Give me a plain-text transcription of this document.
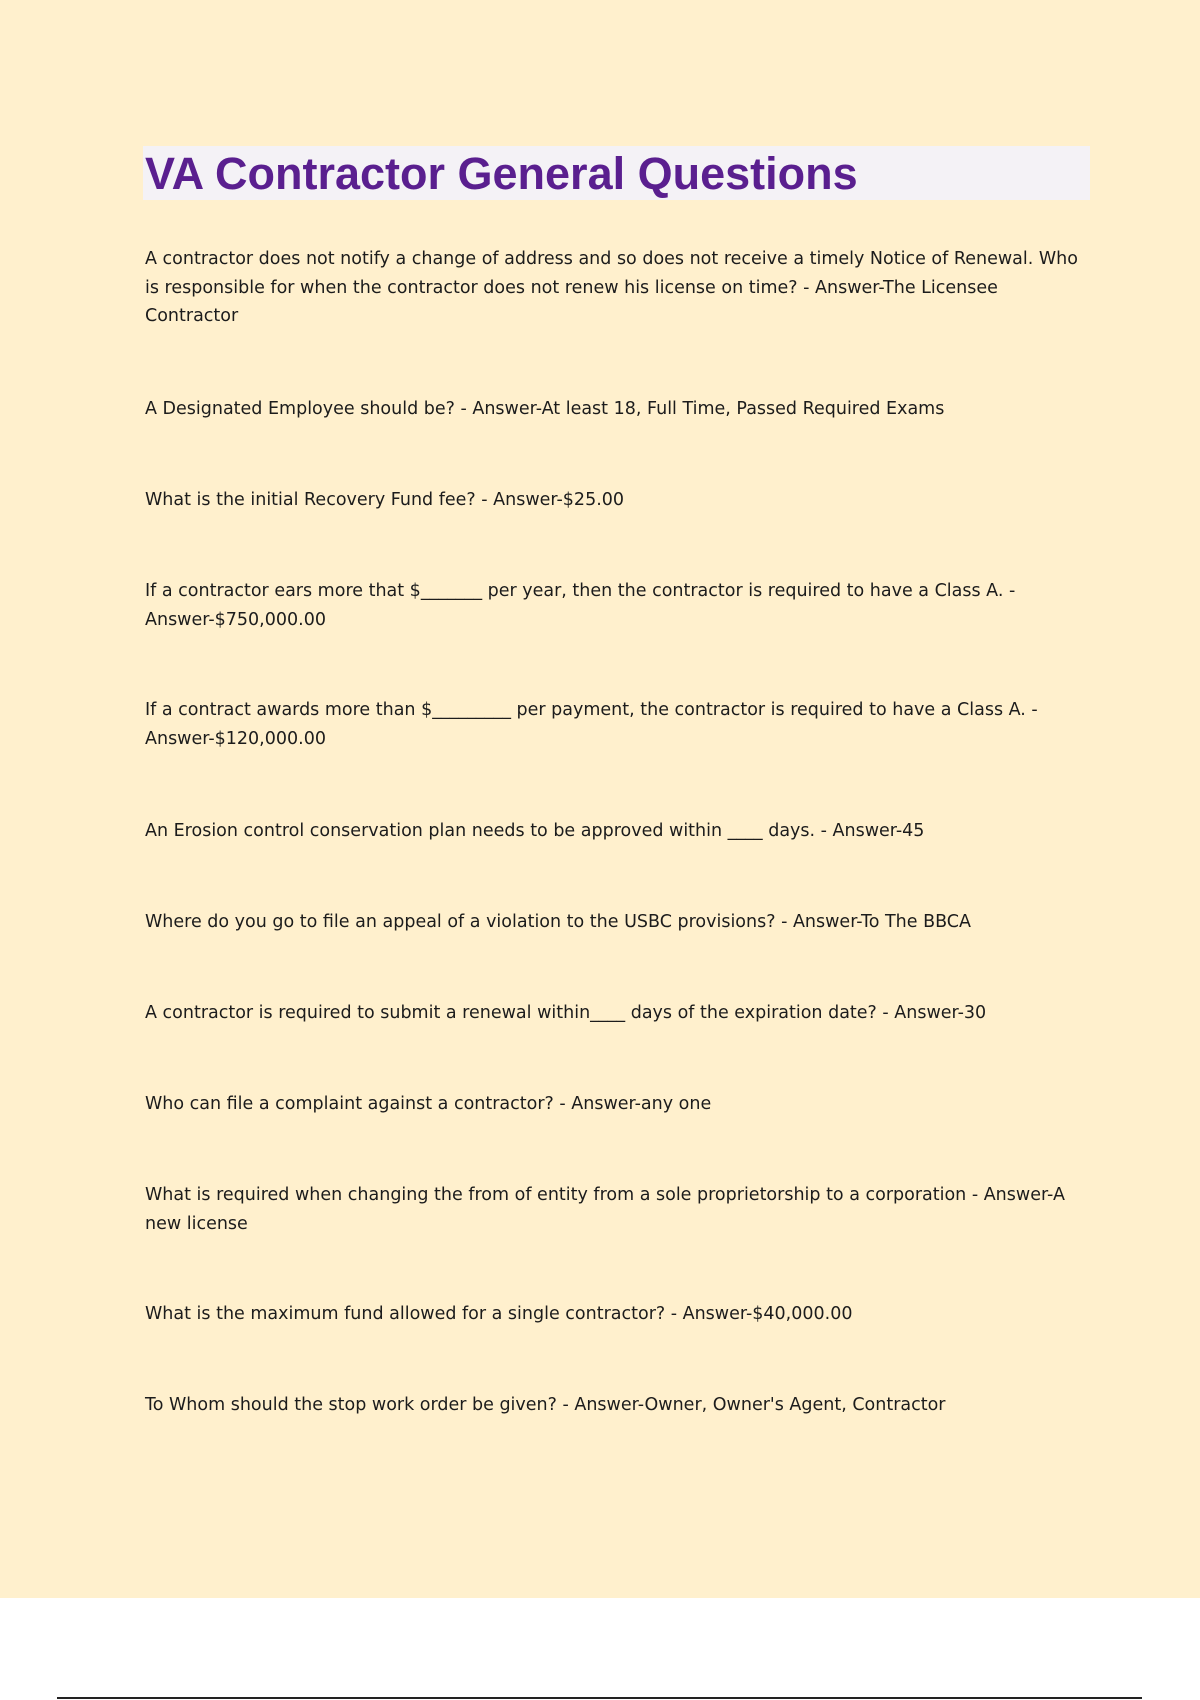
VA Contractor General Questions

A contractor does not notify a change of address and so does not receive a timely Notice of Renewal. Who is responsible for when the contractor does not renew his license on time? - Answer-The Licensee Contractor

A Designated Employee should be? - Answer-At least 18, Full Time, Passed Required Exams

What is the initial Recovery Fund fee? - Answer-$25.00

If a contractor ears more that $_______ per year, then the contractor is required to have a Class A. - Answer-$750,000.00

If a contract awards more than $_________ per payment, the contractor is required to have a Class A. - Answer-$120,000.00

An Erosion control conservation plan needs to be approved within ____ days. - Answer-45

Where do you go to file an appeal of a violation to the USBC provisions? - Answer-To The BBCA

A contractor is required to submit a renewal within____ days of the expiration date? - Answer-30

Who can file a complaint against a contractor? - Answer-any one

What is required when changing the from of entity from a sole proprietorship to a corporation - Answer-A new license

What is the maximum fund allowed for a single contractor? - Answer-$40,000.00

To Whom should the stop work order be given? - Answer-Owner, Owner's Agent, Contractor
